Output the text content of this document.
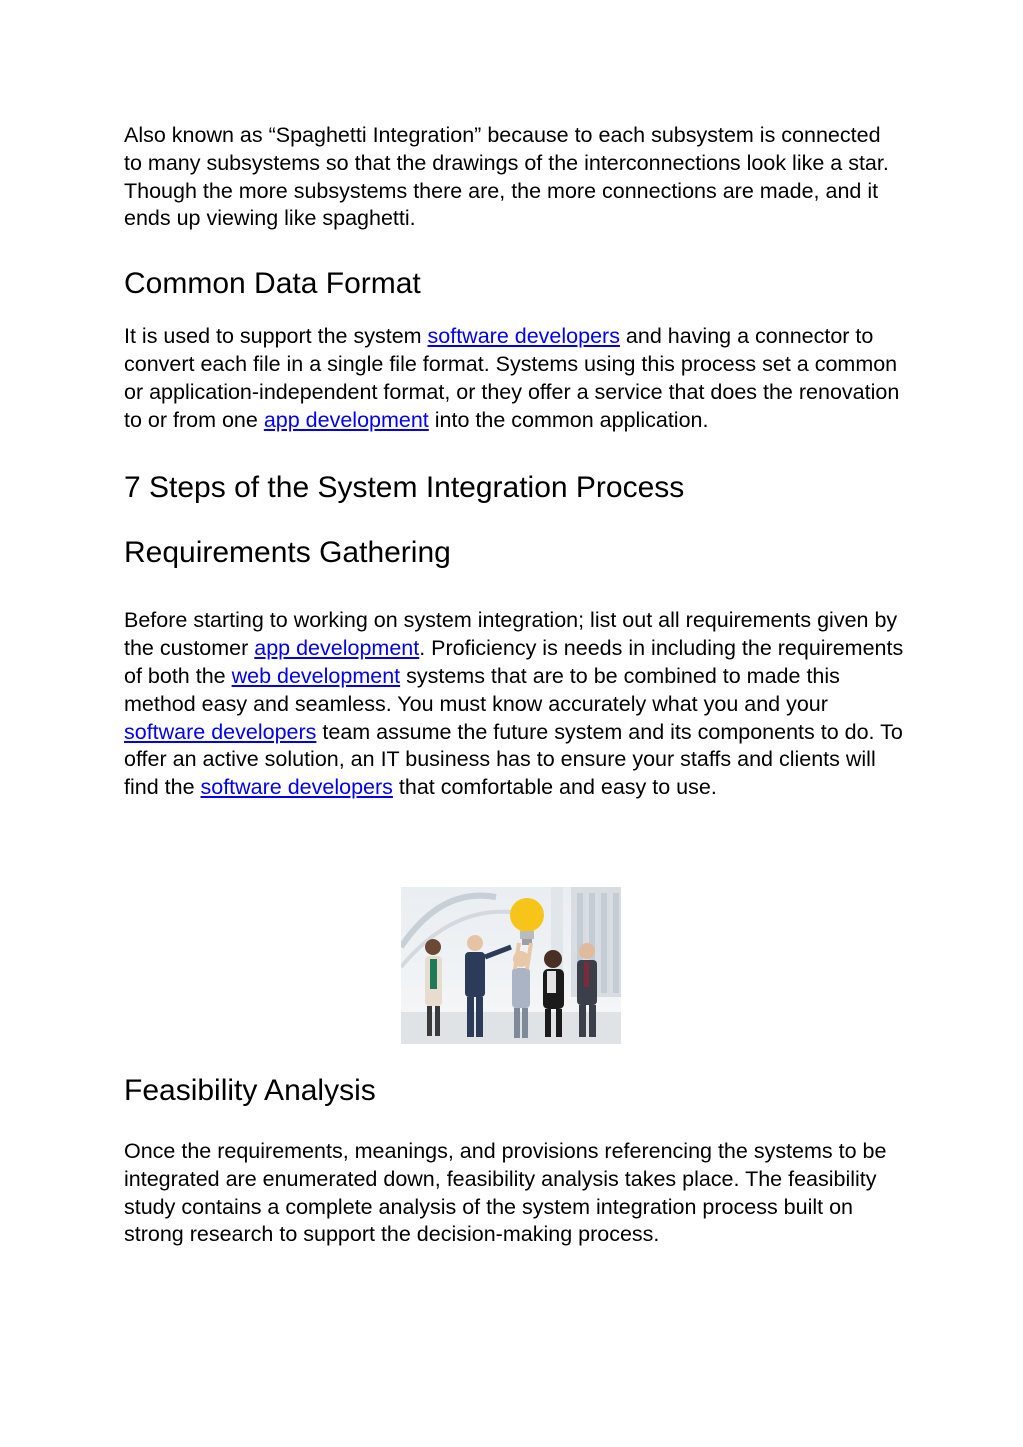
Also known as “Spaghetti Integration” because to each subsystem is connected to many subsystems so that the drawings of the interconnections look like a star. Though the more subsystems there are, the more connections are made, and it ends up viewing like spaghetti.

Common Data Format

It is used to support the system software developers and having a connector to convert each file in a single file format. Systems using this process set a common or application-independent format, or they offer a service that does the renovation to or from one app development into the common application.

7 Steps of the System Integration Process
Requirements Gathering

Before starting to working on system integration; list out all requirements given by the customer app development. Proficiency is needs in including the requirements of both the web development systems that are to be combined to made this method easy and seamless. You must know accurately what you and your software developers team assume the future system and its components to do. To offer an active solution, an IT business has to ensure your staffs and clients will find the software developers that comfortable and easy to use.

Feasibility Analysis

Once the requirements, meanings, and provisions referencing the systems to be integrated are enumerated down, feasibility analysis takes place. The feasibility study contains a complete analysis of the system integration process built on strong research to support the decision-making process.
